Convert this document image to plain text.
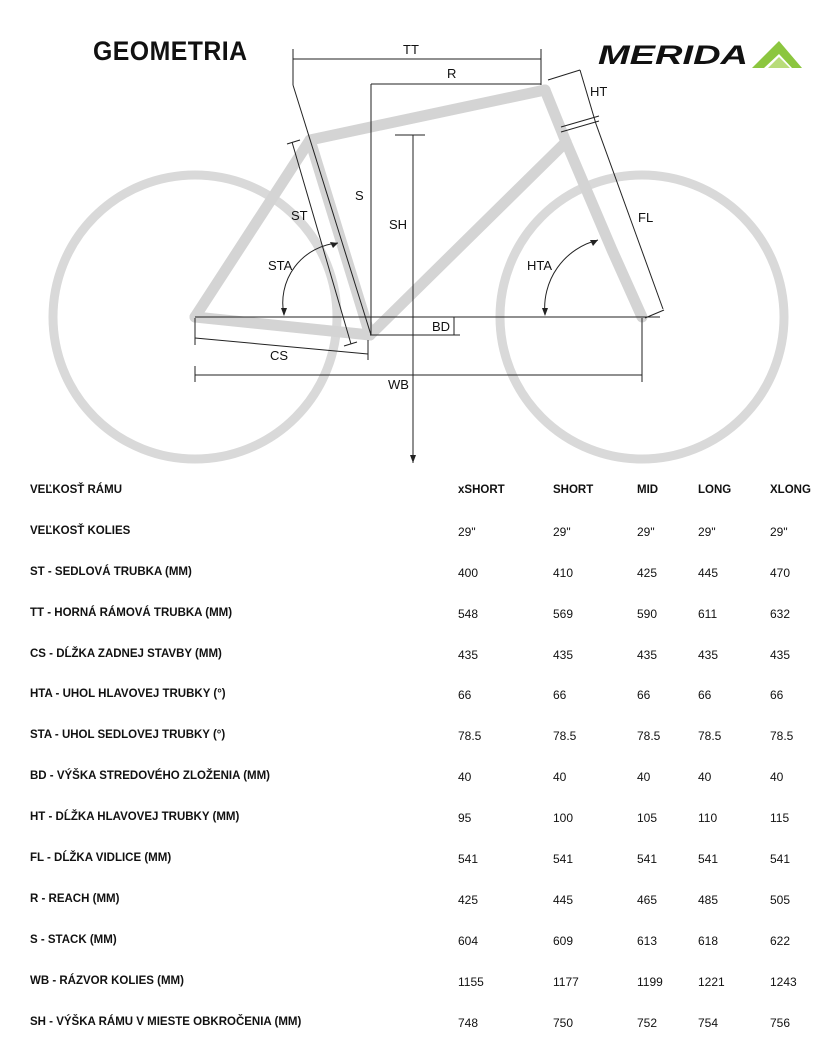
GEOMETRIA	MERIDA
TT
R
HT
S
SH
ST
STA
FL
HTA
BD
CS
WB
VEĽKOSŤ RÁMU	xSHORT	SHORT	MID	LONG	XLONG
VEĽKOSŤ KOLIES	29"	29"	29"	29"	29"
ST - SEDLOVÁ TRUBKA (MM)	400	410	425	445	470
TT - HORNÁ RÁMOVÁ TRUBKA (MM)	548	569	590	611	632
CS - DĹŽKA ZADNEJ STAVBY (MM)	435	435	435	435	435
HTA - UHOL HLAVOVEJ TRUBKY (°)	66	66	66	66	66
STA - UHOL SEDLOVEJ TRUBKY (°)	78.5	78.5	78.5	78.5	78.5
BD - VÝŠKA STREDOVÉHO ZLOŽENIA (MM)	40	40	40	40	40
HT - DĹŽKA HLAVOVEJ TRUBKY (MM)	95	100	105	110	115
FL - DĹŽKA VIDLICE (MM)	541	541	541	541	541
R - REACH (MM)	425	445	465	485	505
S - STACK (MM)	604	609	613	618	622
WB - RÁZVOR KOLIES (MM)	1155	1177	1199	1221	1243
SH - VÝŠKA RÁMU V MIESTE OBKROČENIA (MM)	748	750	752	754	756
